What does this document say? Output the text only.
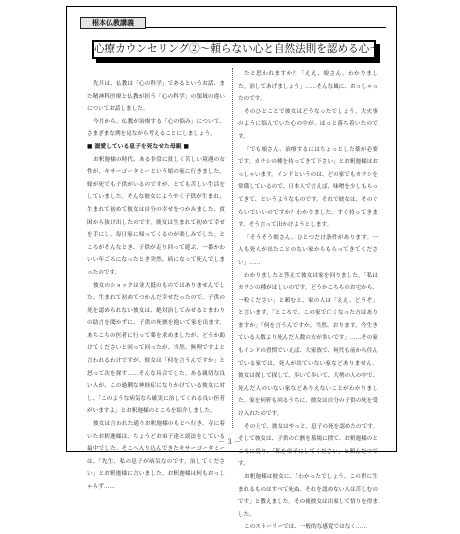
根本仏教講義
心療カウンセリング②～頼らない心と自然法則を認める心～

先月は、仏教は「心の科学」であるというお話、また精神科医療と仏教が担う「心の科学」の領域の違いについてお話しました。

今月から、仏教が治療する「心の悩み」について、さまざまな例を見ながら考えることにしましょう。

■ 溺愛している息子を死なせた母親 ■

お釈迦様の時代、ある非常に貧しく苦しい境遇の女性が、キサーゴータミーという娘の家に行きました。嫁が死でも子供がいるのですが、とても苦しい生活をしていました。そんな彼女にようやく子供が生まれ、生まれて初めて彼女は自分の幸せをつかみました。貧困から抜け出したのです。彼女は生まれて初めて幸せを手にし、毎日家に帰ってくるのが楽しみでした。ところがそんなとき、子供が走り回って遊ぶ、一番かわいい年ごろになったとき突然、病になって死んでしまったのです。

彼女のショックは並大抵のものではありませんでした。生まれて初めてつかんだ幸せだったので、子供の死を認められない彼女は、絶対治してみせるとまわりの助言を聞かずに、子供の死骸を抱いて家を出ます。あちこちの医者に行って薬を求めましたが、どうか助けてくださいと回って回ったが、当然、無理ですよと言われるわけですが、彼女は「何を言うんですか」と怒って次を探す……そんな具合でした。ある親切な良い人が、この過剰な神経症になりかけている彼女に対し、「このような病気なら確実に治してくれる良い医者がいますよ」とお釈迦様のところを紹介しました。

彼女は言われた通りお釈迦様のもとへ行き、寺に着いたお釈迦様は、ちょうどお弟子達と説法をしている最中でした。そこへ入り込んできたキサーゴータミーは、「先生、私の息子が病気なのです。治してください」とお釈迦様に言いました。お釈迦様は何もおっしゃらず……

たと思われますか？「ええ、娘さん、わかりました。治してあげましょう」……そんな風に、おっしゃったのです。

そのひとことで彼女はどうなったでしょう。大火事のように悩んでいた心の中が、ほっと落ち着いたのです。

「でも娘さん、治療するにはちょっとした薬が必要です。カラシの種を持ってきて下さい」とお釈迦様はおっしゃいます。インドというのは、どの家でもカラシを常備しているので、日本人で言えば、味噌を少しもらってきて、というようなものです。それで彼女は、そのぐらいでいいのですか？わかりました。すぐ持ってきます、そう言って出かけようとします。

「そうそう娘さん、ひとつだけ条件があります。一人も死人が出たことのない家からもらってきてください」……

わかりましたと答えて彼女は家を回りました。「私はカラシの種がほしいのです。どうかこちらのお宅から、一粒ください」と頼むと、家の人は「ええ、どうぞ」と言います。「ところで、この家で亡くなった方はありますか」「何を言うんですか。当然、おります。今生きている人数より死んだ人数の方が多いです」……その家もインドの習慣でいえば、大家族で、何代も前から住んでいる家では、死人が出ていない家などありません。彼女は探して探して、歩いて歩いて、大勢の人の中で、死んだ人のいない家などありえないことがわかりました。家を何軒も回るうちに、彼女は自分の子供の死を受け入れたのです。

その上で、彼女はやっと、息子の死を認めたのです。そして彼女は、子供の亡骸を墓場に捨て、お釈迦様のところに戻り、「私を弟子にしてください」と頼んだのです。

お釈迦様は彼女に、「わかったでしょう。この世に生まれるものはすべて死ぬ。それを認めない人は苦しむのです」と教えました。その後彼女は出家して悟りを得ました。

このストーリーでは、一般的な感覚ではなく……

－３－
